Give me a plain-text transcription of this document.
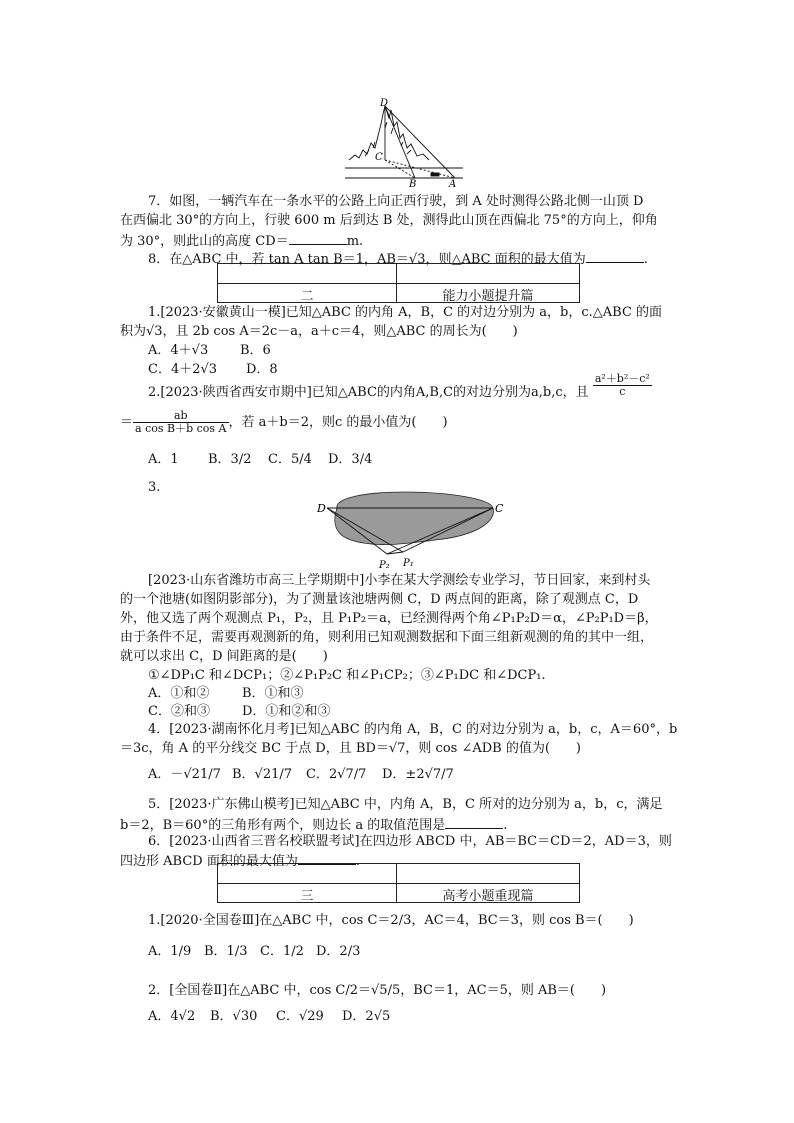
D
C
B	A
7．如图，一辆汽车在一条水平的公路上向正西行驶，到 A 处时测得公路北侧一山顶 D
在西偏北 30°的方向上，行驶 600 m 后到达 B 处，测得此山顶在西偏北 75°的方向上，仰角
为 30°，则此山的高度 CD＝	m.
8．在△ABC 中，若 tan A tan B＝1，AB＝√3，则△ABC 面积的最大值为	.
二	能力小题提升篇
1.[2023·安徽黄山一模]已知△ABC 的内角 A，B，C 的对边分别为 a，b，c.△ABC 的面
积为√3，且 2b cos A＝2c－a，a＋c＝4，则△ABC 的周长为(　　)
A．4＋√3 B．6
C．4＋2√3 D．8
2.[2023·陕西省西安市期中]已知△ABC的内角A,B,C的对边分别为a,b,c，且 $\frac{\text{a²＋b²－c²}}{c}$
＝ $\frac{ab}{\text{a cos B＋b cos A}}$ ，若 a＋b＝2，则c 的最小值为(　　)
A．1 B．3/2 C．5/4 D．3/4
3.
D	C
P₂ P₁
[2023·山东省潍坊市高三上学期期中]小李在某大学测绘专业学习，节日回家，来到村头
的一个池塘(如图阴影部分)，为了测量该池塘两侧 C，D 两点间的距离，除了观测点 C，D
外，他又选了两个观测点 P₁，P₂，且 P₁P₂＝a，已经测得两个角∠P₁P₂D＝α，∠P₂P₁D＝β，
由于条件不足，需要再观测新的角，则利用已知观测数据和下面三组新观测的角的其中一组，
就可以求出 C，D 间距离的是(　　)
①∠DP₁C 和∠DCP₁；②∠P₁P₂C 和∠P₁CP₂；③∠P₁DC 和∠DCP₁.
A．①和②	B．①和③
C．②和③ D．①和②和③
4．[2023·湖南怀化月考]已知△ABC 的内角 A，B，C 的对边分别为 a，b，c，A＝60°，b
＝3c，角 A 的平分线交 BC 于点 D，且 BD＝√7，则 cos ∠ADB 的值为(　　)
A．－√21/7 B．√21/7 C．2√7/7 D．±2√7/7
5．[2023·广东佛山模考]已知△ABC 中，内角 A，B，C 所对的边分别为 a，b，c，满足
b＝2，B＝60°的三角形有两个，则边长 a 的取值范围是	.
6．[2023·山西省三晋名校联盟考试]在四边形 ABCD 中，AB＝BC＝CD＝2，AD＝3，则
四边形 ABCD 面积的最大值为	.
三	高考小题重现篇
1.[2020·全国卷Ⅲ]在△ABC 中，cos C＝2/3，AC＝4，BC＝3，则 cos B＝(　　)
A．1/9 B．1/3 C．1/2 D．2/3
2．[全国卷Ⅱ]在△ABC 中，cos C/2＝√5/5，BC＝1，AC＝5，则 AB＝(　　)
A．4√2 B．√30 C．√29 D．2√5
